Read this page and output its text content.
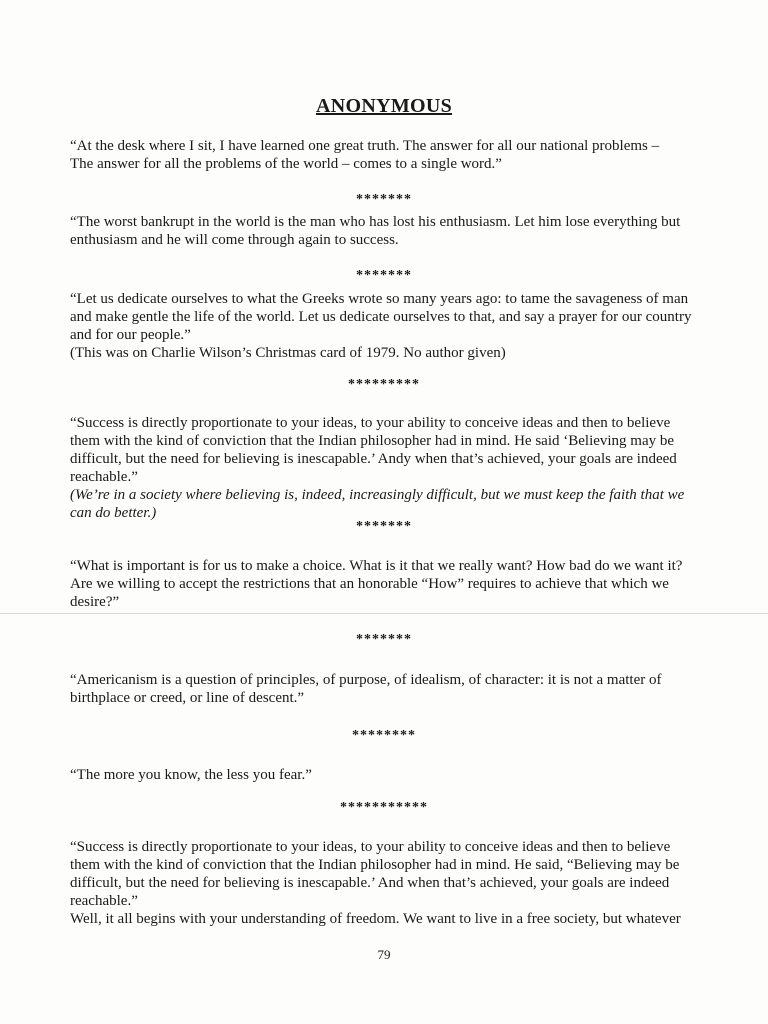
ANONYMOUS

“At the desk where I sit, I have learned one great truth. The answer for all our national problems –

The answer for all the problems of the world – comes to a single word.”

*******

“The worst bankrupt in the world is the man who has lost his enthusiasm. Let him lose everything but

enthusiasm and he will come through again to success.

*******

“Let us dedicate ourselves to what the Greeks wrote so many years ago: to tame the savageness of man

and make gentle the life of the world. Let us dedicate ourselves to that, and say a prayer for our country

and for our people.”

(This was on Charlie Wilson’s Christmas card of 1979. No author given)

*********

“Success is directly proportionate to your ideas, to your ability to conceive ideas and then to believe

them with the kind of conviction that the Indian philosopher had in mind. He said ‘Believing may be

difficult, but the need for believing is inescapable.’ Andy when that’s achieved, your goals are indeed

reachable.”

(We’re in a society where believing is, indeed, increasingly difficult, but we must keep the faith that we

can do better.)

*******

“What is important is for us to make a choice. What is it that we really want? How bad do we want it?

Are we willing to accept the restrictions that an honorable “How” requires to achieve that which we

desire?”

*******

“Americanism is a question of principles, of purpose, of idealism, of character: it is not a matter of

birthplace or creed, or line of descent.”

********

“The more you know, the less you fear.”

***********

“Success is directly proportionate to your ideas, to your ability to conceive ideas and then to believe

them with the kind of conviction that the Indian philosopher had in mind. He said, “Believing may be

difficult, but the need for believing is inescapable.’ And when that’s achieved, your goals are indeed

reachable.”

Well, it all begins with your understanding of freedom. We want to live in a free society, but whatever

79
